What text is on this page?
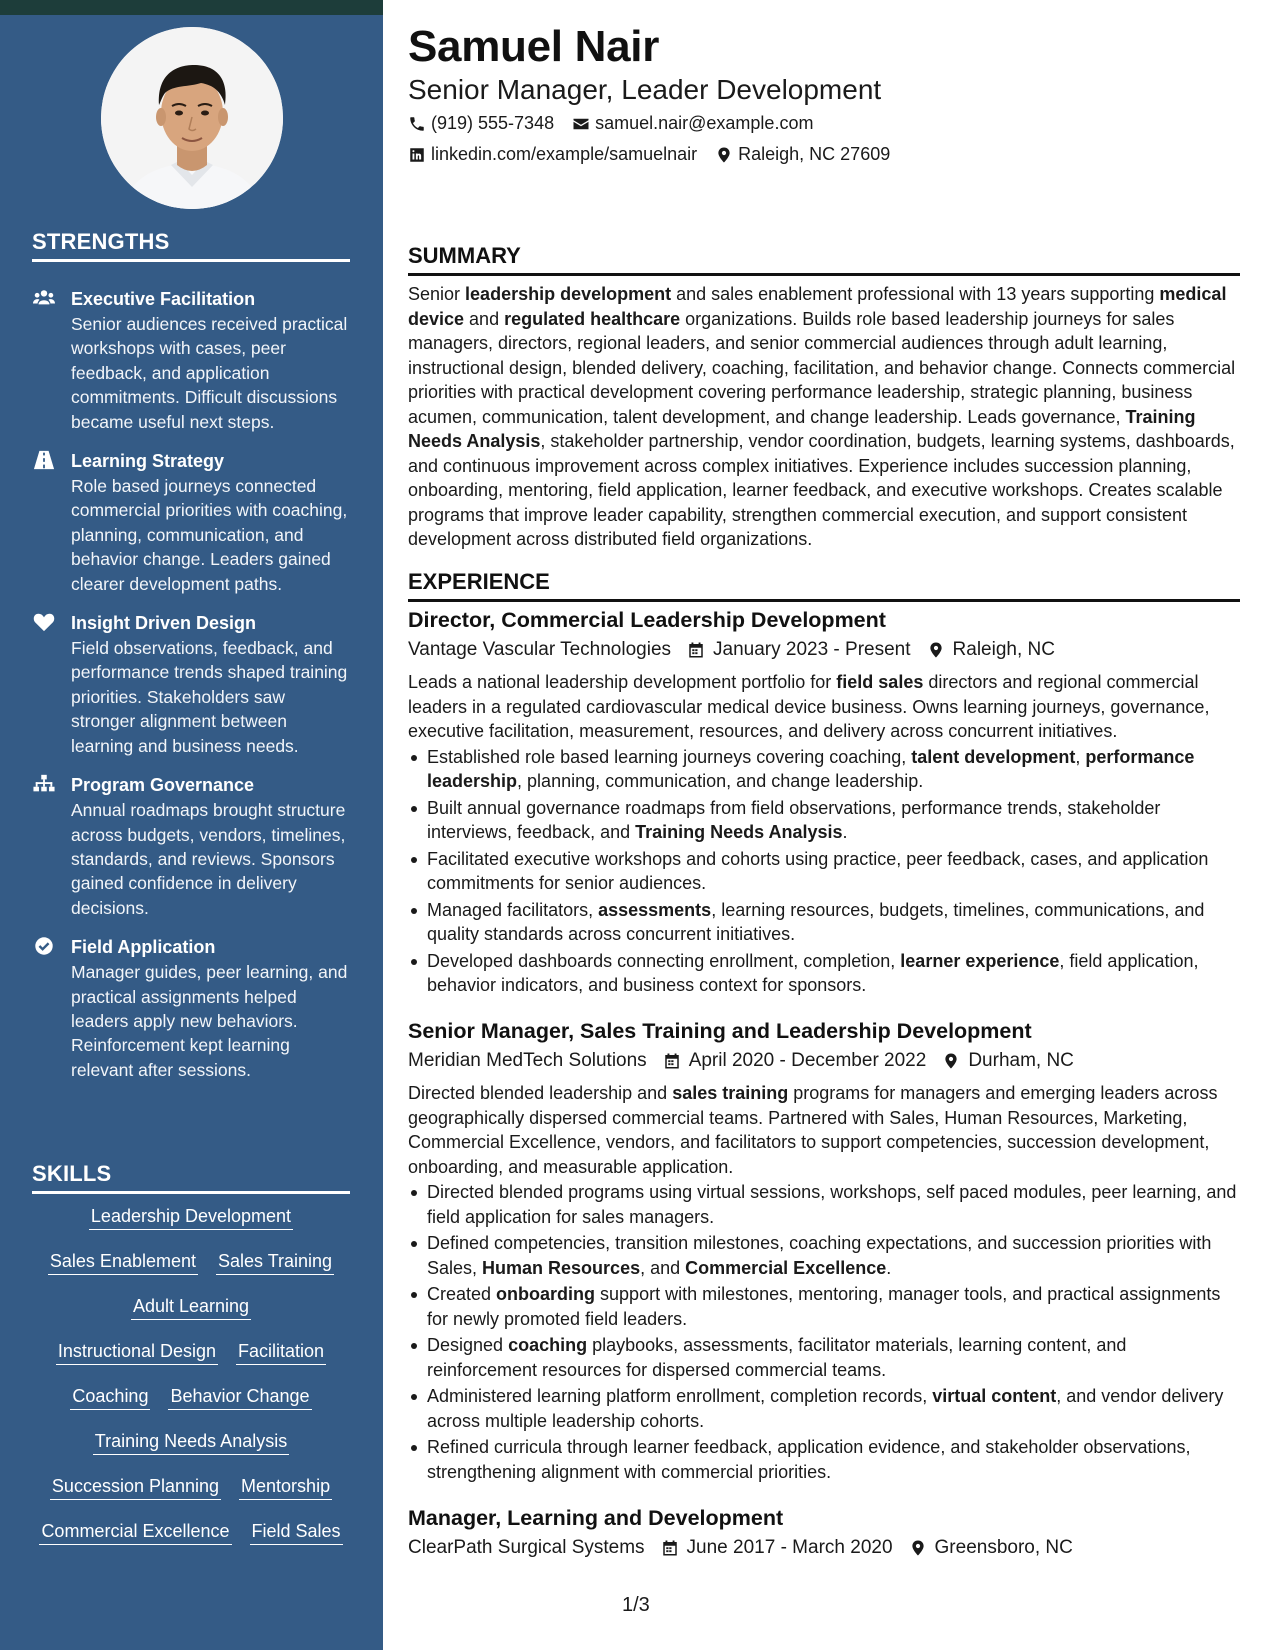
STRENGTHS
Executive Facilitation
Senior audiences received practical workshops with cases, peer feedback, and application commitments. Difficult discussions became useful next steps.
Learning Strategy
Role based journeys connected commercial priorities with coaching, planning, communication, and behavior change. Leaders gained clearer development paths.
Insight Driven Design
Field observations, feedback, and performance trends shaped training priorities. Stakeholders saw stronger alignment between learning and business needs.
Program Governance
Annual roadmaps brought structure across budgets, vendors, timelines, standards, and reviews. Sponsors gained confidence in delivery decisions.
Field Application
Manager guides, peer learning, and practical assignments helped leaders apply new behaviors. Reinforcement kept learning relevant after sessions.
SKILLS
Leadership Development
Sales Enablement Sales Training
Adult Learning
Instructional Design Facilitation
Coaching Behavior Change
Training Needs Analysis
Succession Planning Mentorship
Commercial Excellence Field Sales
Samuel Nair
Senior Manager, Leader Development
(919) 555-7348 samuel.nair@example.com
linkedin.com/example/samuelnair Raleigh, NC 27609
SUMMARY
Senior leadership development and sales enablement professional with 13 years supporting medical device and regulated healthcare organizations. Builds role based leadership journeys for sales managers, directors, regional leaders, and senior commercial audiences through adult learning, instructional design, blended delivery, coaching, facilitation, and behavior change. Connects commercial priorities with practical development covering performance leadership, strategic planning, business acumen, communication, talent development, and change leadership. Leads governance, Training Needs Analysis, stakeholder partnership, vendor coordination, budgets, learning systems, dashboards, and continuous improvement across complex initiatives. Experience includes succession planning, onboarding, mentoring, field application, learner feedback, and executive workshops. Creates scalable programs that improve leader capability, strengthen commercial execution, and support consistent development across distributed field organizations.
EXPERIENCE
Director, Commercial Leadership Development
Vantage Vascular Technologies January 2023 - Present Raleigh, NC
Leads a national leadership development portfolio for field sales directors and regional commercial leaders in a regulated cardiovascular medical device business. Owns learning journeys, governance, executive facilitation, measurement, resources, and delivery across concurrent initiatives.
Established role based learning journeys covering coaching, talent development, performance leadership, planning, communication, and change leadership.
Built annual governance roadmaps from field observations, performance trends, stakeholder interviews, feedback, and Training Needs Analysis.
Facilitated executive workshops and cohorts using practice, peer feedback, cases, and application commitments for senior audiences.
Managed facilitators, assessments, learning resources, budgets, timelines, communications, and quality standards across concurrent initiatives.
Developed dashboards connecting enrollment, completion, learner experience, field application, behavior indicators, and business context for sponsors.
Senior Manager, Sales Training and Leadership Development
Meridian MedTech Solutions April 2020 - December 2022 Durham, NC
Directed blended leadership and sales training programs for managers and emerging leaders across geographically dispersed commercial teams. Partnered with Sales, Human Resources, Marketing, Commercial Excellence, vendors, and facilitators to support competencies, succession development, onboarding, and measurable application.
Directed blended programs using virtual sessions, workshops, self paced modules, peer learning, and field application for sales managers.
Defined competencies, transition milestones, coaching expectations, and succession priorities with Sales, Human Resources, and Commercial Excellence.
Created onboarding support with milestones, mentoring, manager tools, and practical assignments for newly promoted field leaders.
Designed coaching playbooks, assessments, facilitator materials, learning content, and reinforcement resources for dispersed commercial teams.
Administered learning platform enrollment, completion records, virtual content, and vendor delivery across multiple leadership cohorts.
Refined curricula through learner feedback, application evidence, and stakeholder observations, strengthening alignment with commercial priorities.
Manager, Learning and Development
ClearPath Surgical Systems June 2017 - March 2020 Greensboro, NC
1/3
